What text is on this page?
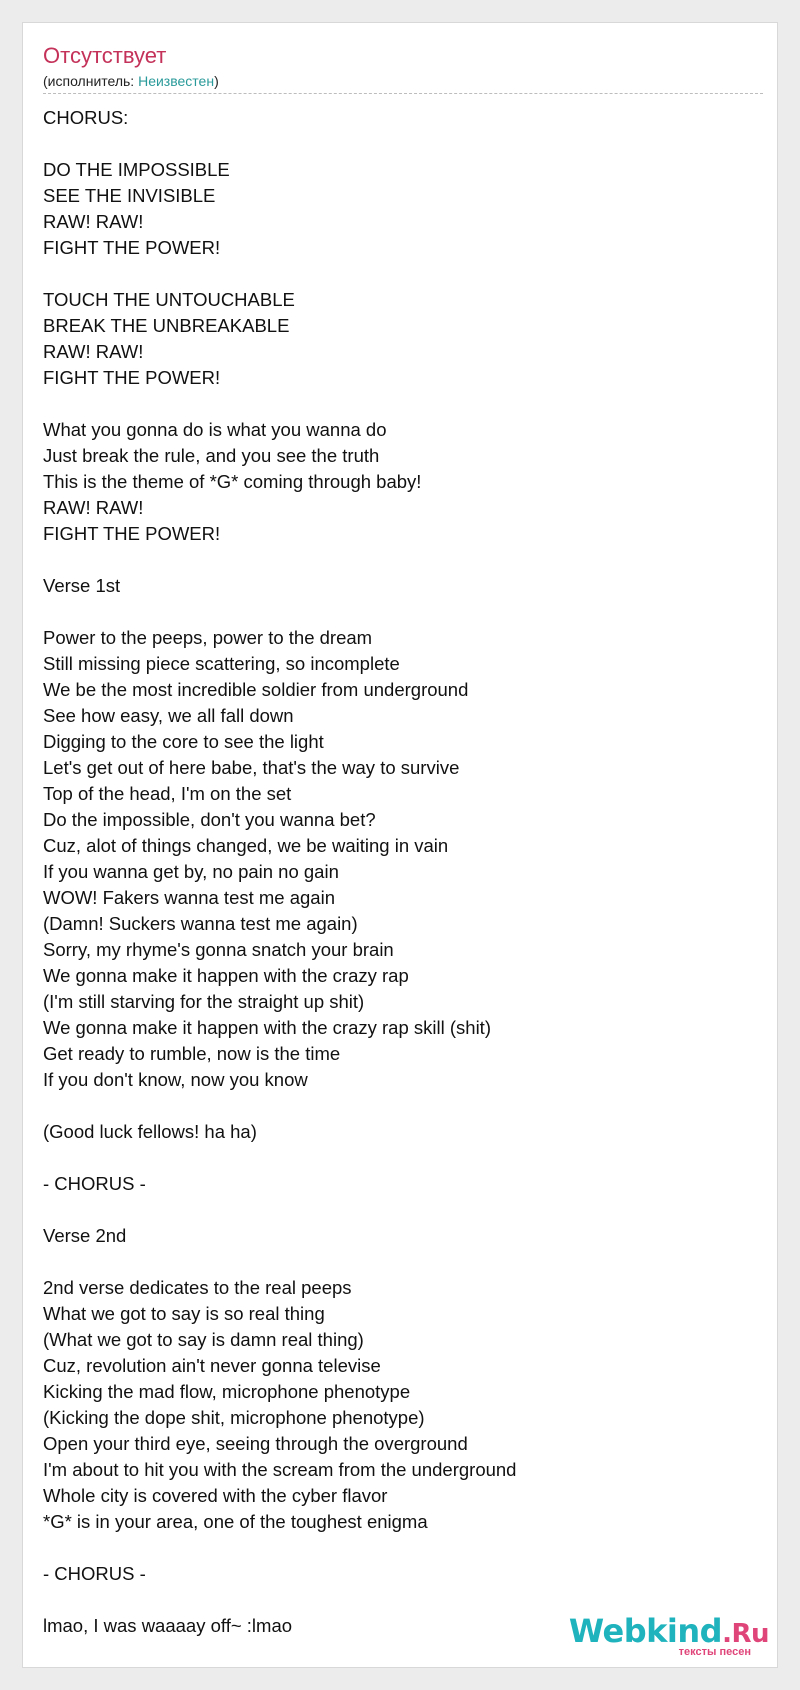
Отсутствует
(исполнитель: Неизвестен)
CHORUS:
DO THE IMPOSSIBLE
SEE THE INVISIBLE
RAW! RAW!
FIGHT THE POWER!
TOUCH THE UNTOUCHABLE
BREAK THE UNBREAKABLE
RAW! RAW!
FIGHT THE POWER!
What you gonna do is what you wanna do
Just break the rule, and you see the truth
This is the theme of *G* coming through baby!
RAW! RAW!
FIGHT THE POWER!
Verse 1st
Power to the peeps, power to the dream
Still missing piece scattering, so incomplete
We be the most incredible soldier from underground
See how easy, we all fall down
Digging to the core to see the light
Let's get out of here babe, that's the way to survive
Top of the head, I'm on the set
Do the impossible, don't you wanna bet?
Cuz, alot of things changed, we be waiting in vain
If you wanna get by, no pain no gain
WOW! Fakers wanna test me again
(Damn! Suckers wanna test me again)
Sorry, my rhyme's gonna snatch your brain
We gonna make it happen with the crazy rap
(I'm still starving for the straight up shit)
We gonna make it happen with the crazy rap skill (shit)
Get ready to rumble, now is the time
If you don't know, now you know
(Good luck fellows! ha ha)
- CHORUS -
Verse 2nd
2nd verse dedicates to the real peeps
What we got to say is so real thing
(What we got to say is damn real thing)
Cuz, revolution ain't never gonna televise
Kicking the mad flow, microphone phenotype
(Kicking the dope shit, microphone phenotype)
Open your third eye, seeing through the overground
I'm about to hit you with the scream from the underground
Whole city is covered with the cyber flavor
*G* is in your area, one of the toughest enigma
- CHORUS -
lmao, I was waaaay off~ :lmao	Webkind.Ru
тексты песен
